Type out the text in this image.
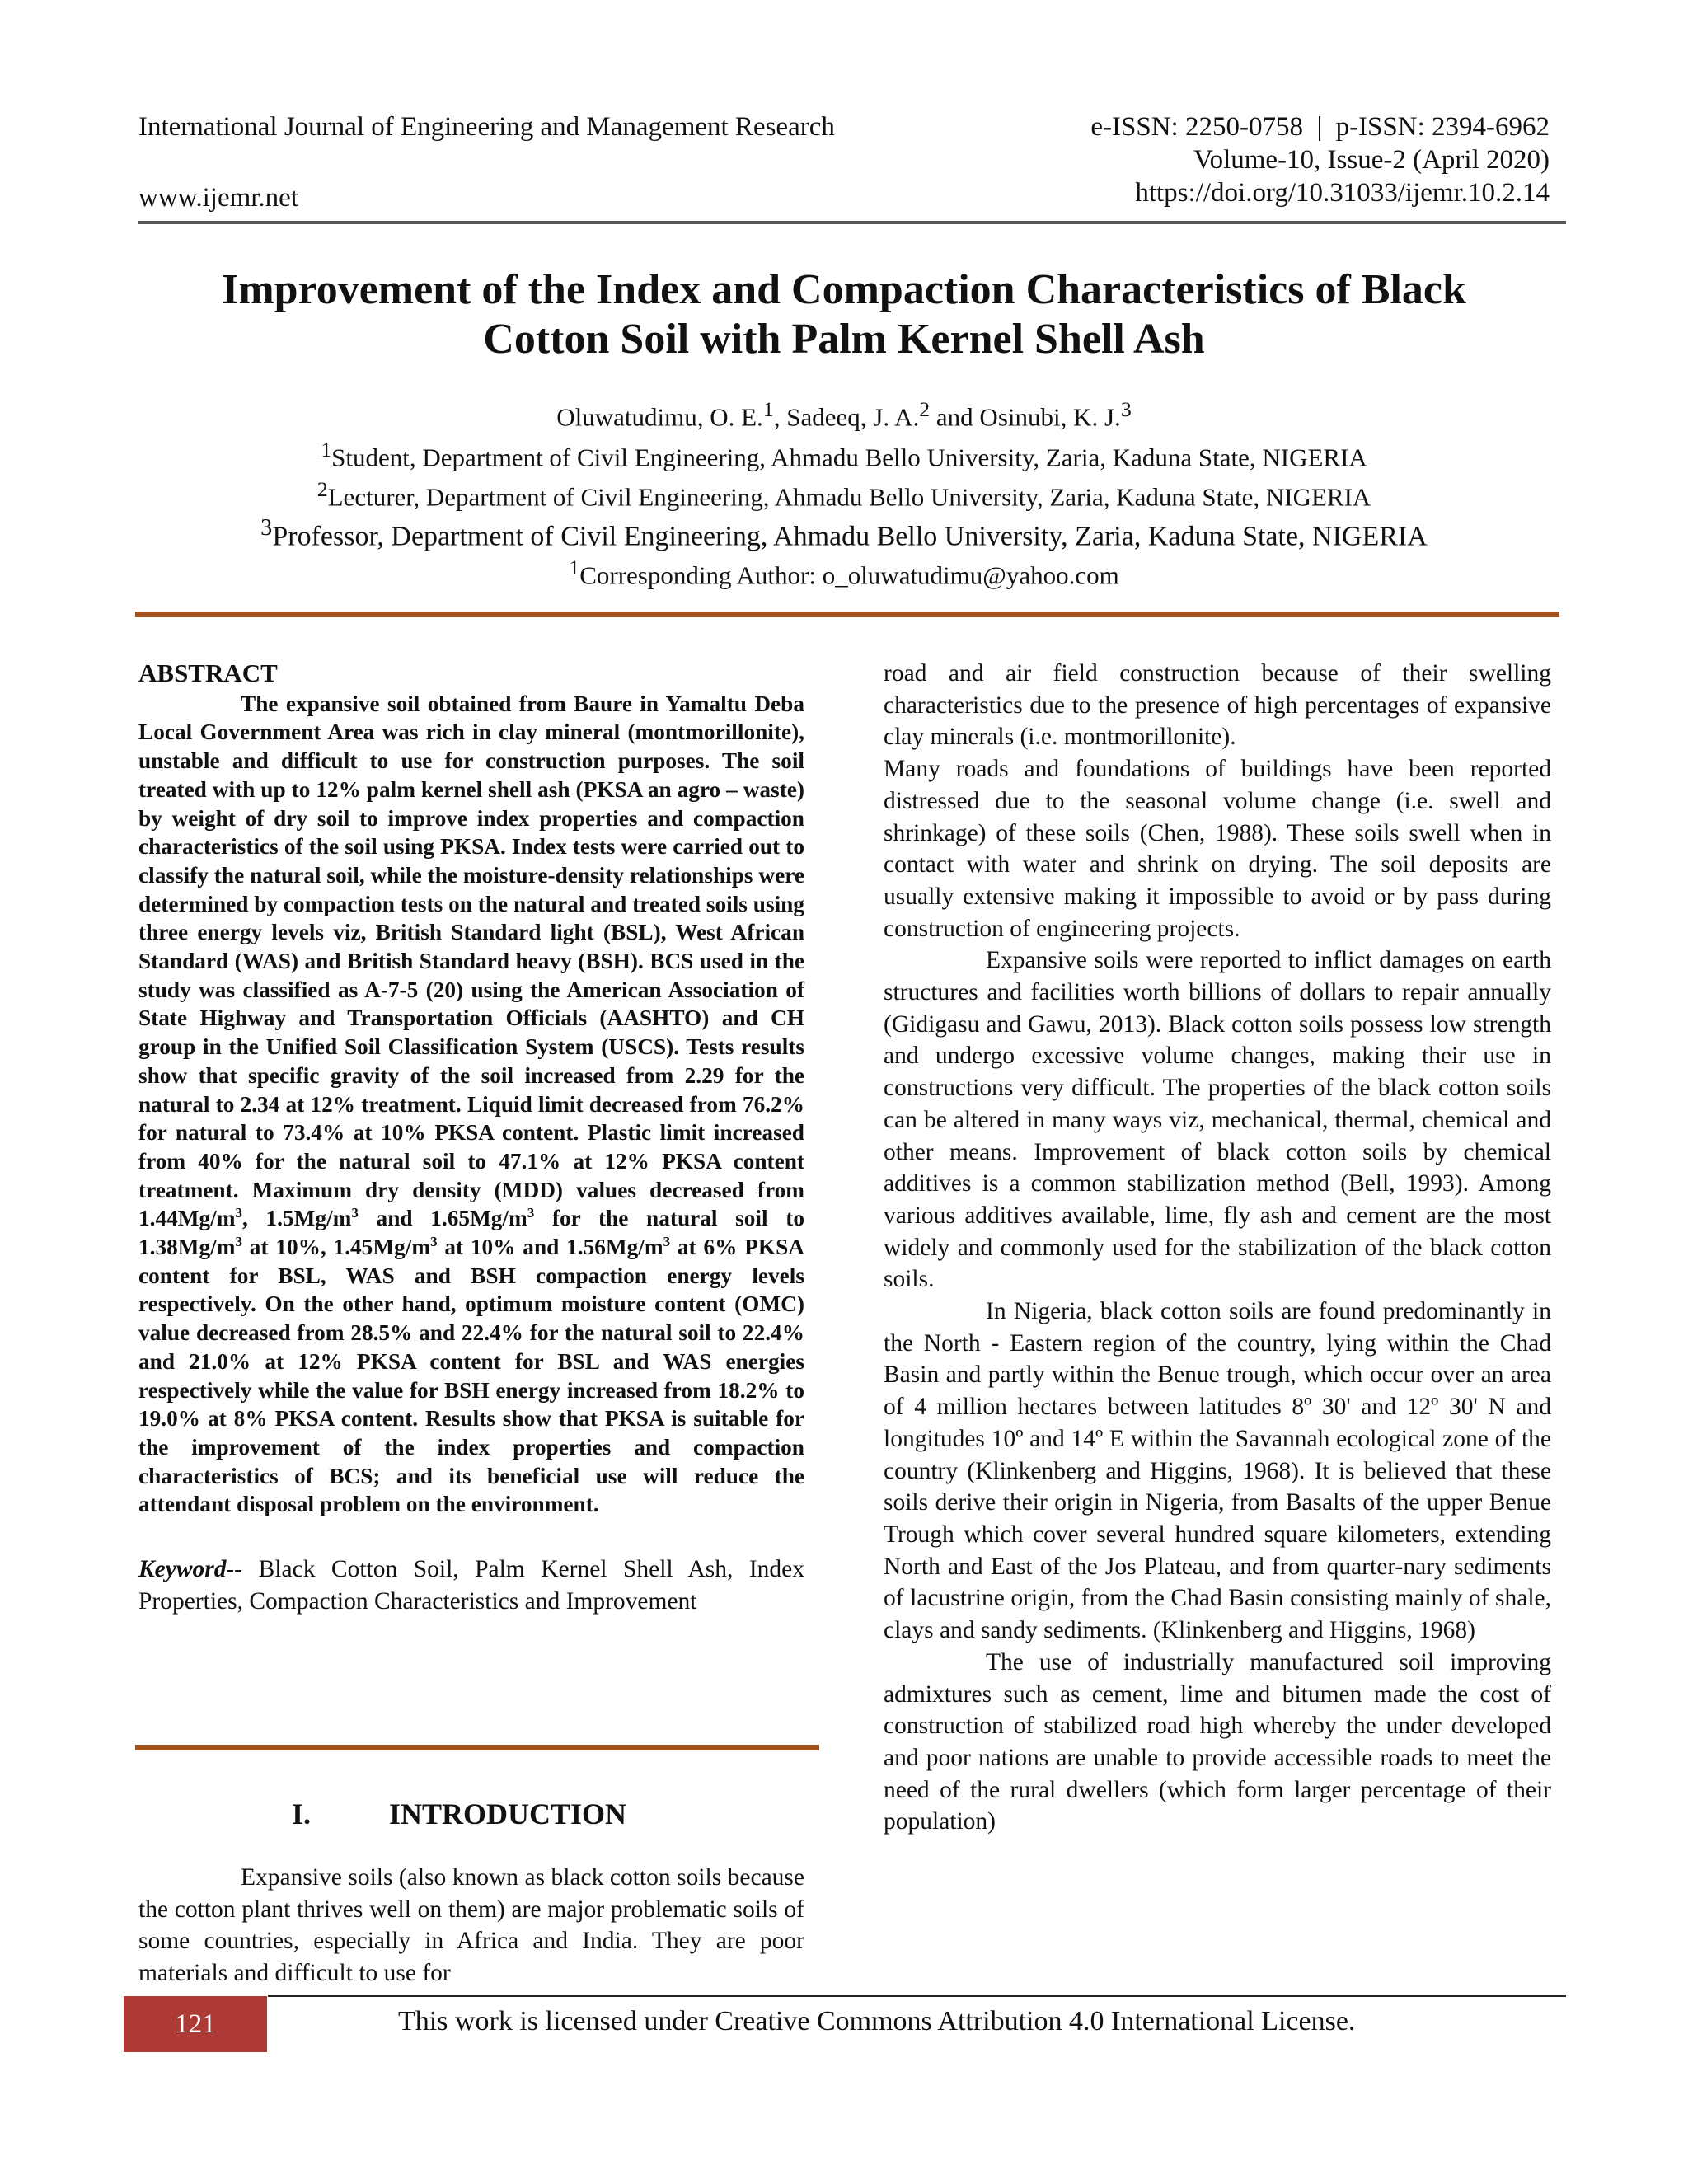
International Journal of Engineering and Management Research
www.ijemr.net
e-ISSN: 2250-0758  |  p-ISSN: 2394-6962
Volume-10, Issue-2 (April 2020)
https://doi.org/10.31033/ijemr.10.2.14
Improvement of the Index and Compaction Characteristics of Black
Cotton Soil with Palm Kernel Shell Ash
Oluwatudimu, O. E.$^1$, Sadeeq, J. A.$^2$ and Osinubi, K. J.$^3$
$^1$Student, Department of Civil Engineering, Ahmadu Bello University, Zaria, Kaduna State, NIGERIA
$^2$Lecturer, Department of Civil Engineering, Ahmadu Bello University, Zaria, Kaduna State, NIGERIA
$^3$Professor, Department of Civil Engineering, Ahmadu Bello University, Zaria, Kaduna State, NIGERIA
$^1$Corresponding Author: o_oluwatudimu@yahoo.com

ABSTRACT

The expansive soil obtained from Baure in Yamaltu Deba Local Government Area was rich in clay mineral (montmorillonite), unstable and difficult to use for construction purposes. The soil treated with up to 12% palm kernel shell ash (PKSA an agro – waste) by weight of dry soil to improve index properties and compaction characteristics of the soil using PKSA. Index tests were carried out to classify the natural soil, while the moisture-density relationships were determined by compaction tests on the natural and treated soils using three energy levels viz, British Standard light (BSL), West African Standard (WAS) and British Standard heavy (BSH). BCS used in the study was classified as A-7-5 (20) using the American Association of State Highway and Transportation Officials (AASHTO) and CH group in the Unified Soil Classification System (USCS). Tests results show that specific gravity of the soil increased from 2.29 for the natural to 2.34 at 12% treatment. Liquid limit decreased from 76.2% for natural to 73.4% at 10% PKSA content. Plastic limit increased from 40% for the natural soil to 47.1% at 12% PKSA content treatment. Maximum dry density (MDD) values decreased from $1.44Mg/m^3$, $1.5Mg/m^3$ and $1.65Mg/m^3$ for the natural soil to $1.38Mg/m^3$ at 10%, $1.45Mg/m^3$ at 10% and $1.56Mg/m^3$ at 6% PKSA content for BSL, WAS and BSH compaction energy levels respectively. On the other hand, optimum moisture content (OMC) value decreased from 28.5% and 22.4% for the natural soil to 22.4% and 21.0% at 12% PKSA content for BSL and WAS energies respectively while the value for BSH energy increased from 18.2% to 19.0% at 8% PKSA content. Results show that PKSA is suitable for the improvement of the index properties and compaction characteristics of BCS; and its beneficial use will reduce the attendant disposal problem on the environment.

Keyword-- Black Cotton Soil, Palm Kernel Shell Ash, Index Properties, Compaction Characteristics and Improvement

I.	INTRODUCTION

Expansive soils (also known as black cotton soils because the cotton plant thrives well on them) are major problematic soils of some countries, especially in Africa and India. They are poor materials and difficult to use for

road and air field construction because of their swelling characteristics due to the presence of high percentages of expansive clay minerals (i.e. montmorillonite).

Many roads and foundations of buildings have been reported distressed due to the seasonal volume change (i.e. swell and shrinkage) of these soils (Chen, 1988). These soils swell when in contact with water and shrink on drying. The soil deposits are usually extensive making it impossible to avoid or by pass during construction of engineering projects.

Expansive soils were reported to inflict damages on earth structures and facilities worth billions of dollars to repair annually (Gidigasu and Gawu, 2013). Black cotton soils possess low strength and undergo excessive volume changes, making their use in constructions very difficult. The properties of the black cotton soils can be altered in many ways viz, mechanical, thermal, chemical and other means. Improvement of black cotton soils by chemical additives is a common stabilization method (Bell, 1993). Among various additives available, lime, fly ash and cement are the most widely and commonly used for the stabilization of the black cotton soils.

In Nigeria, black cotton soils are found predominantly in the North - Eastern region of the country, lying within the Chad Basin and partly within the Benue trough, which occur over an area of 4 million hectares between latitudes 8º 30' and 12º 30' N and longitudes 10º and 14º E within the Savannah ecological zone of the country (Klinkenberg and Higgins, 1968). It is believed that these soils derive their origin in Nigeria, from Basalts of the upper Benue Trough which cover several hundred square kilometers, extending North and East of the Jos Plateau, and from quarter-nary sediments of lacustrine origin, from the Chad Basin consisting mainly of shale, clays and sandy sediments. (Klinkenberg and Higgins, 1968)

The use of industrially manufactured soil improving admixtures such as cement, lime and bitumen made the cost of construction of stabilized road high whereby the under developed and poor nations are unable to provide accessible roads to meet the need of the rural dwellers (which form larger percentage of their population)

121	This work is licensed under Creative Commons Attribution 4.0 International License.
